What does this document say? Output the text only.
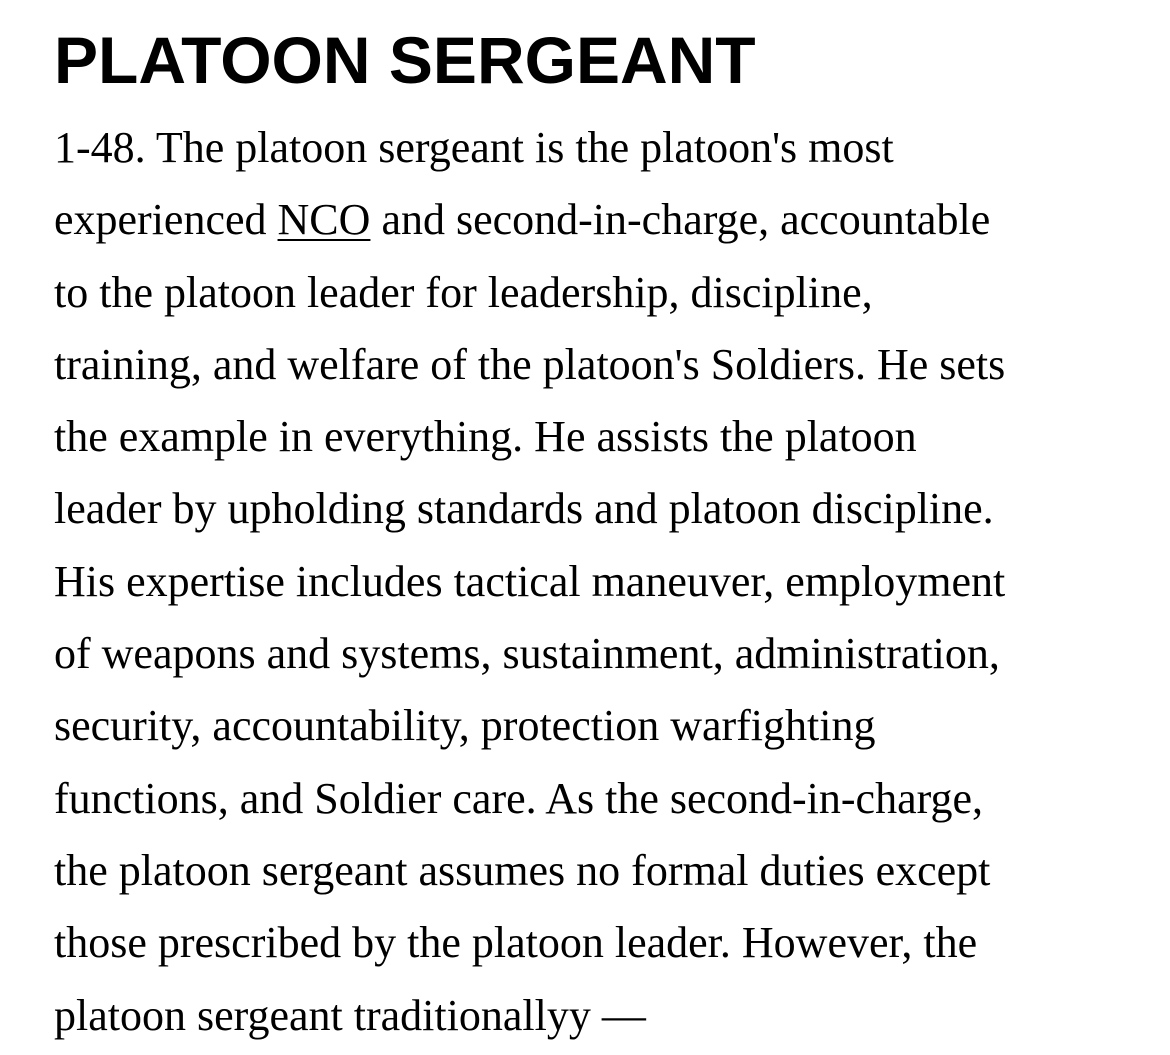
PLATOON SERGEANT
1-48. The platoon sergeant is the platoon's most
experienced NCO and second-in-charge, accountable
to the platoon leader for leadership, discipline,
training, and welfare of the platoon's Soldiers. He sets
the example in everything. He assists the platoon
leader by upholding standards and platoon discipline.
His expertise includes tactical maneuver, employment
of weapons and systems, sustainment, administration,
security, accountability, protection warfighting
functions, and Soldier care. As the second-in-charge,
the platoon sergeant assumes no formal duties except
those prescribed by the platoon leader. However, the
platoon sergeant traditionallyy —
